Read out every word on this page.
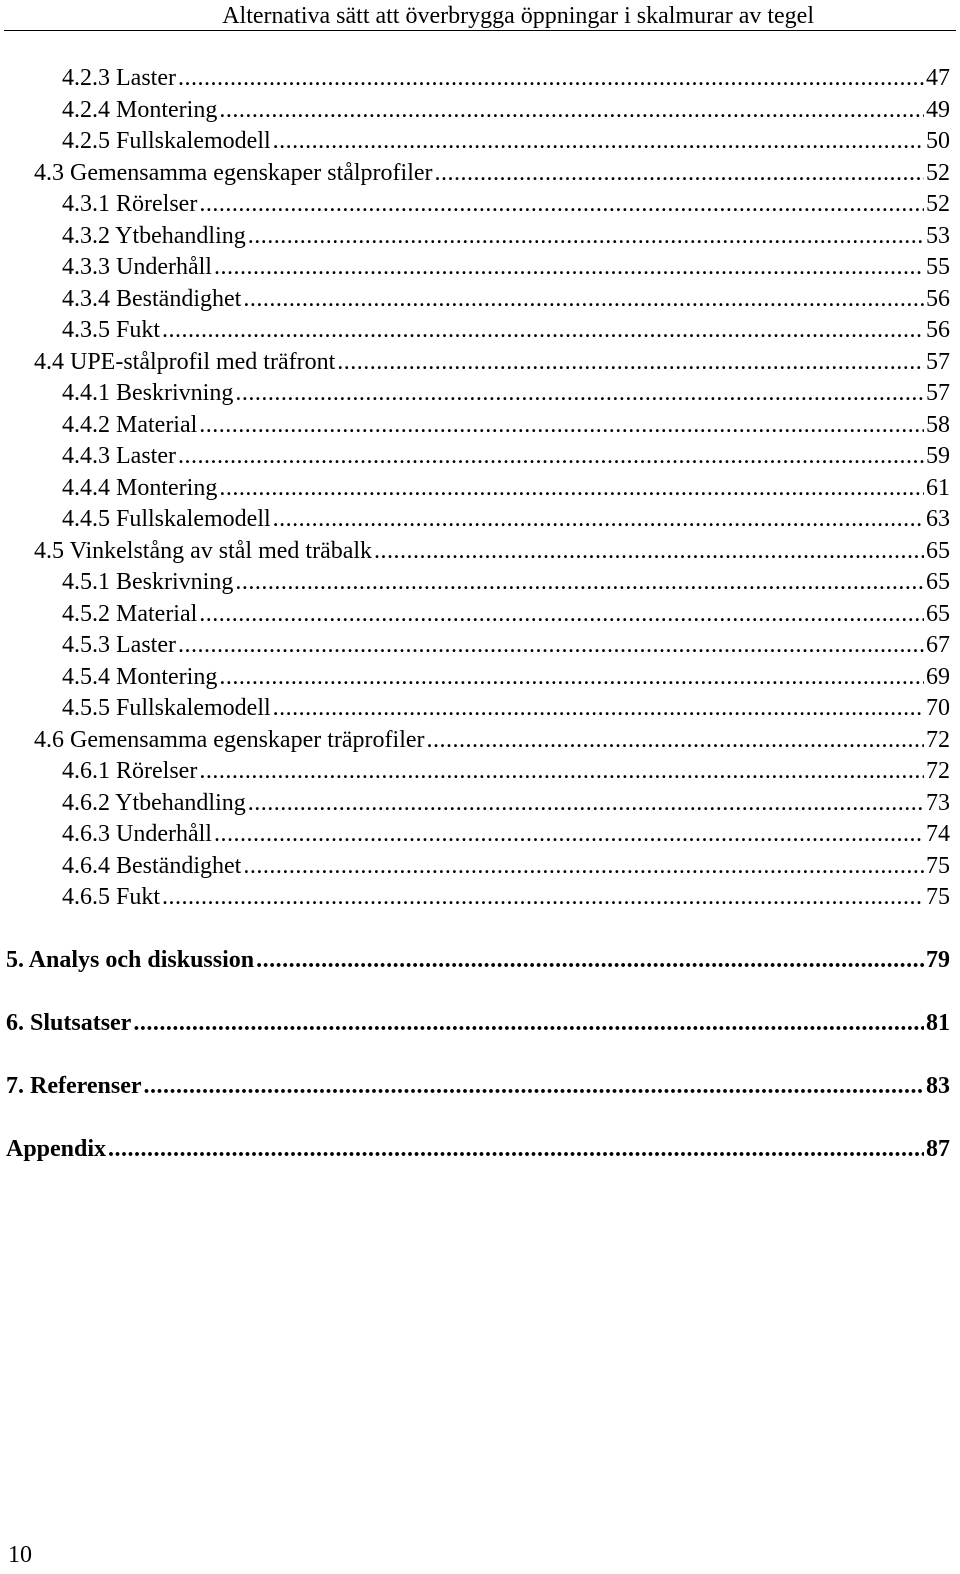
Alternativa sätt att överbrygga öppningar i skalmurar av tegel
4.2.3 Laster .....	47
4.2.4 Montering .....	49
4.2.5 Fullskalemodell .....	50
4.3 Gemensamma egenskaper stålprofiler .....	52
4.3.1 Rörelser .....	52
4.3.2 Ytbehandling .....	53
4.3.3 Underhåll .....	55
4.3.4 Beständighet .....	56
4.3.5 Fukt .....	56
4.4 UPE-stålprofil med träfront .....	57
4.4.1 Beskrivning .....	57
4.4.2 Material .....	58
4.4.3 Laster .....	59
4.4.4 Montering .....	61
4.4.5 Fullskalemodell .....	63
4.5 Vinkelstång av stål med träbalk .....	65
4.5.1 Beskrivning .....	65
4.5.2 Material .....	65
4.5.3 Laster .....	67
4.5.4 Montering .....	69
4.5.5 Fullskalemodell .....	70
4.6 Gemensamma egenskaper träprofiler .....	72
4.6.1 Rörelser .....	72
4.6.2 Ytbehandling .....	73
4.6.3 Underhåll .....	74
4.6.4 Beständighet .....	75
4.6.5 Fukt .....	75
5. Analys och diskussion .....	79
6. Slutsatser .....	81
7. Referenser .....	83
Appendix .....	87
10
